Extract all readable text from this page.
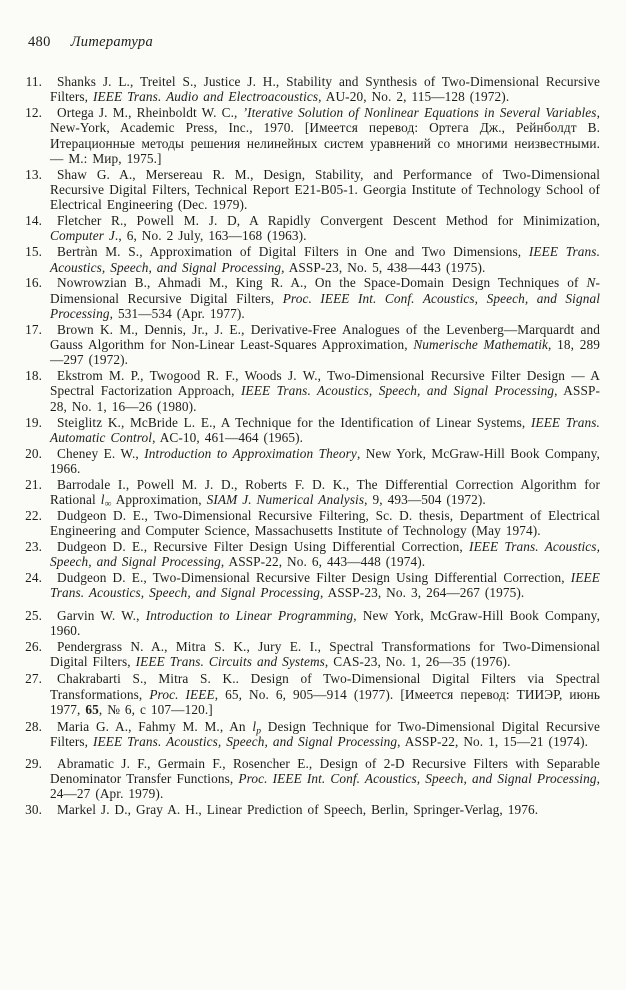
480 Литература
11. Shanks J. L., Treitel S., Justice J. H., Stability and Synthesis of Two-Dimensional Recursive Filters, IEEE Trans. Audio and Electroacoustics, AU-20, No. 2, 115—128 (1972).
12. Ortega J. M., Rheinboldt W. C., ’Iterative Solution of Nonlinear Equations in Several Variables, New-York, Academic Press, Inc., 1970. [Имеется перевод: Ортега Дж., Рейнболдт В. Итерационные методы решения нелинейных систем уравнений со многими неизвестными. — М.: Мир, 1975.]
13. Shaw G. A., Mersereau R. M., Design, Stability, and Performance of Two-Dimensional Recursive Digital Filters, Technical Report E21-B05-1. Georgia Institute of Technology School of Electrical Engineering (Dec. 1979).
14. Fletcher R., Powell M. J. D, A Rapidly Convergent Descent Method for Minimization, Computer J., 6, No. 2 July, 163—168 (1963).
15. Bertràn M. S., Approximation of Digital Filters in One and Two Dimensions, IEEE Trans. Acoustics, Speech, and Signal Processing, ASSP-23, No. 5, 438—443 (1975).
16. Nowrowzian B., Ahmadi M., King R. A., On the Space-Domain Design Techniques of N-Dimensional Recursive Digital Filters, Proc. IEEE Int. Conf. Acoustics, Speech, and Signal Processing, 531—534 (Apr. 1977).
17. Brown K. M., Dennis, Jr., J. E., Derivative-Free Analogues of the Levenberg—Marquardt and Gauss Algorithm for Non-Linear Least-Squares Approximation, Numerische Mathematik, 18, 289—297 (1972).
18. Ekstrom M. P., Twogood R. F., Woods J. W., Two-Dimensional Recursive Filter Design — A Spectral Factorization Approach, IEEE Trans. Acoustics, Speech, and Signal Processing, ASSP-28, No. 1, 16—26 (1980).
19. Steiglitz K., McBride L. E., A Technique for the Identification of Linear Systems, IEEE Trans. Automatic Control, AC-10, 461—464 (1965).
20. Cheney E. W., Introduction to Approximation Theory, New York, McGraw-Hill Book Company, 1966.
21. Barrodale I., Powell M. J. D., Roberts F. D. K., The Differential Correction Algorithm for Rational $l_\infty$ Approximation, SIAM J. Numerical Analysis, 9, 493—504 (1972).
22. Dudgeon D. E., Two-Dimensional Recursive Filtering, Sc. D. thesis, Department of Electrical Engineering and Computer Science, Massachusetts Institute of Technology (May 1974).
23. Dudgeon D. E., Recursive Filter Design Using Differential Correction, IEEE Trans. Acoustics, Speech, and Signal Processing, ASSP-22, No. 6, 443—448 (1974).
24. Dudgeon D. E., Two-Dimensional Recursive Filter Design Using Differential Correction, IEEE Trans. Acoustics, Speech, and Signal Processing, ASSP-23, No. 3, 264—267 (1975).
25. Garvin W. W., Introduction to Linear Programming, New York, McGraw-Hill Book Company, 1960.
26. Pendergrass N. A., Mitra S. K., Jury E. I., Spectral Transformations for Two-Dimensional Digital Filters, IEEE Trans. Circuits and Systems, CAS-23, No. 1, 26—35 (1976).
27. Chakrabarti S., Mitra S. K.. Design of Two-Dimensional Digital Filters via Spectral Transformations, Proc. IEEE, 65, No. 6, 905—914 (1977). [Имеется перевод: ТИИЭР, июнь 1977, 65, № 6, с 107—120.]
28. Maria G. A., Fahmy M. M., An $l_p$ Design Technique for Two-Dimensional Digital Recursive Filters, IEEE Trans. Acoustics, Speech, and Signal Processing, ASSP-22, No. 1, 15—21 (1974).
29. Abramatic J. F., Germain F., Rosencher E., Design of 2-D Recursive Filters with Separable Denominator Transfer Functions, Proc. IEEE Int. Conf. Acoustics, Speech, and Signal Processing, 24—27 (Apr. 1979).
30. Markel J. D., Gray A. H., Linear Prediction of Speech, Berlin, Springer-Verlag, 1976.
